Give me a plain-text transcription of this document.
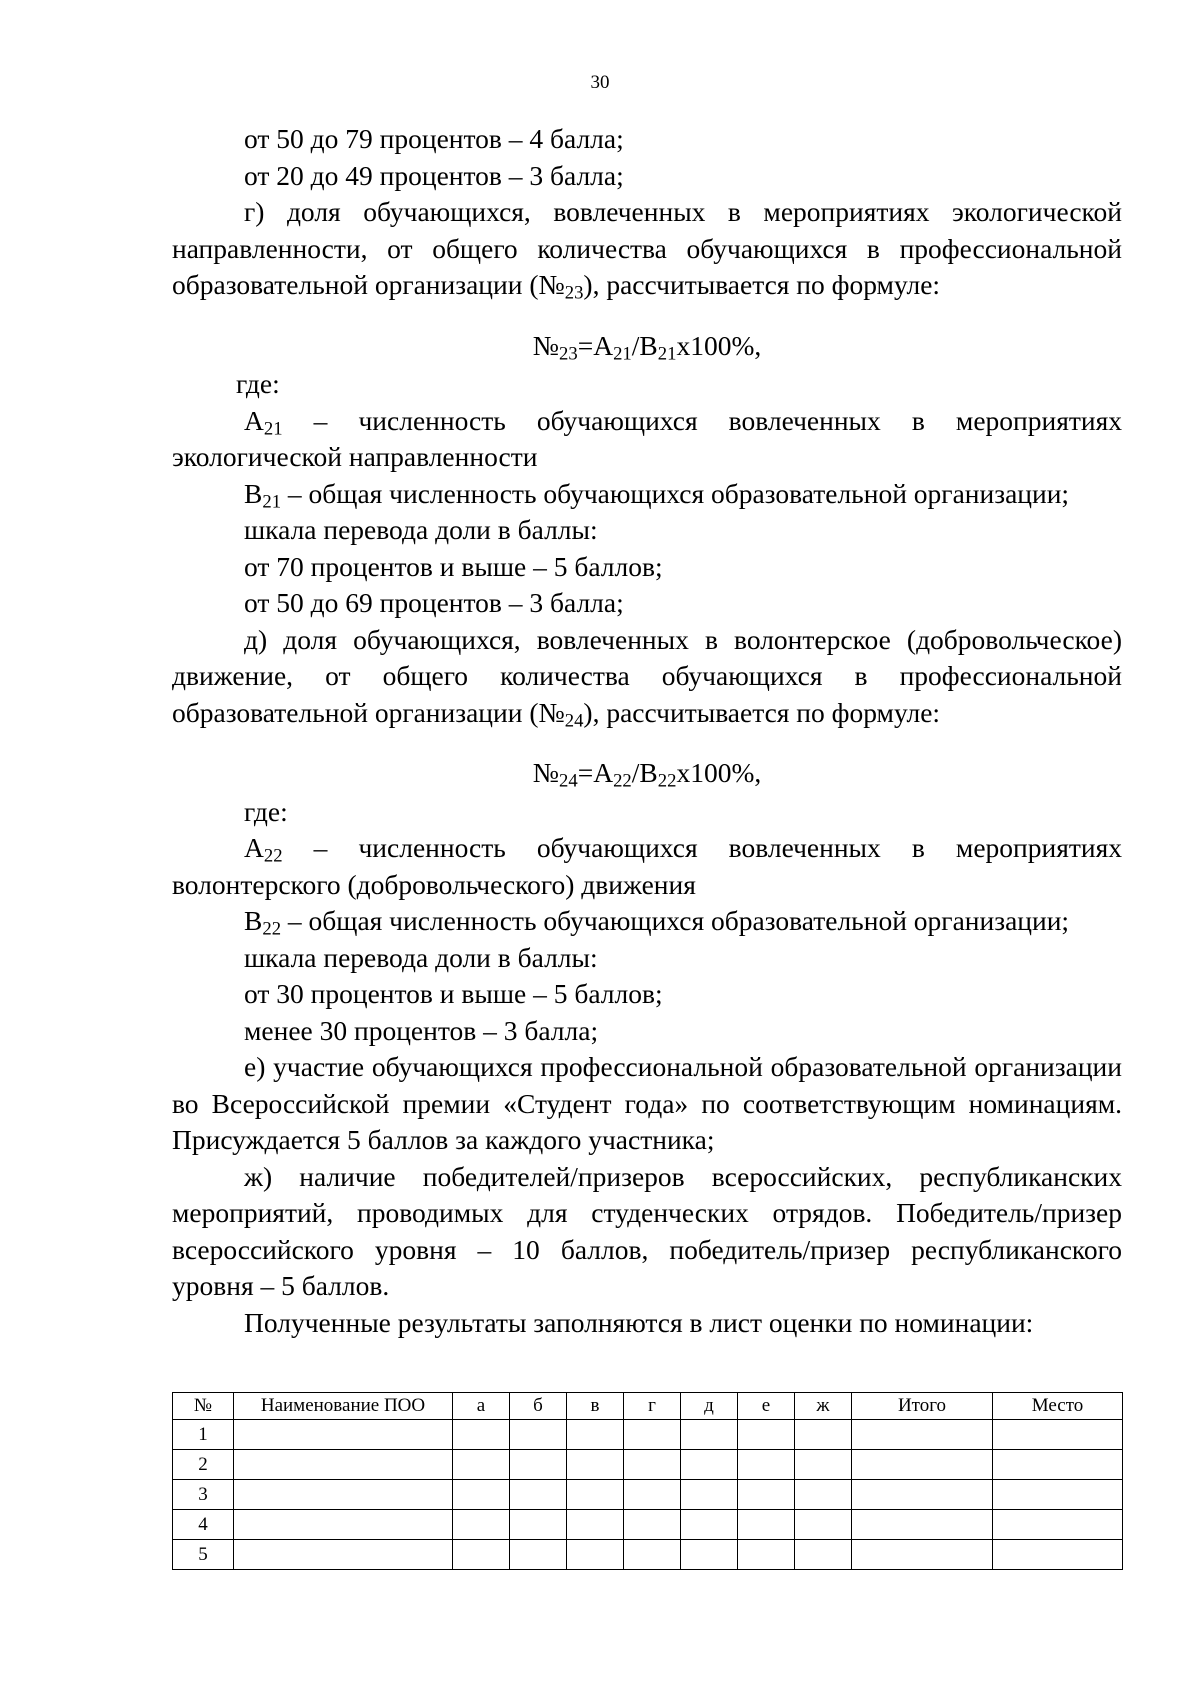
30

от 50 до 79 процентов – 4 балла;

от 20 до 49 процентов – 3 балла;

г) доля обучающихся, вовлеченных в мероприятиях экологической направленности, от общего количества обучающихся в профессиональной образовательной организации $(№_{23})$, рассчитывается по формуле:

$№_{23}=A_{21}/B_{21}x100\%$,

где:

$A_{21}$ – численность обучающихся вовлеченных в мероприятиях экологической направленности

$B_{21}$ – общая численность обучающихся образовательной организации;

шкала перевода доли в баллы:

от 70 процентов и выше – 5 баллов;

от 50 до 69 процентов – 3 балла;

д) доля обучающихся, вовлеченных в волонтерское (добровольческое) движение, от общего количества обучающихся в профессиональной образовательной организации $(№_{24})$, рассчитывается по формуле:

$№_{24}=A_{22}/B_{22}x100\%$,

где:

$A_{22}$ – численность обучающихся вовлеченных в мероприятиях волонтерского (добровольческого) движения

$B_{22}$ – общая численность обучающихся образовательной организации;

шкала перевода доли в баллы:

от 30 процентов и выше – 5 баллов;

менее 30 процентов – 3 балла;

е) участие обучающихся профессиональной образовательной организации во Всероссийской премии «Студент года» по соответствующим номинациям. Присуждается 5 баллов за каждого участника;

ж) наличие победителей/призеров всероссийских, республиканских мероприятий, проводимых для студенческих отрядов. Победитель/призер всероссийского уровня – 10 баллов, победитель/призер республиканского уровня – 5 баллов.

Полученные результаты заполняются в лист оценки по номинации:

№	Наименование ПОО	а	б	в	г	д	е	ж	Итого	Место
1										
2										
3										
4										
5										
